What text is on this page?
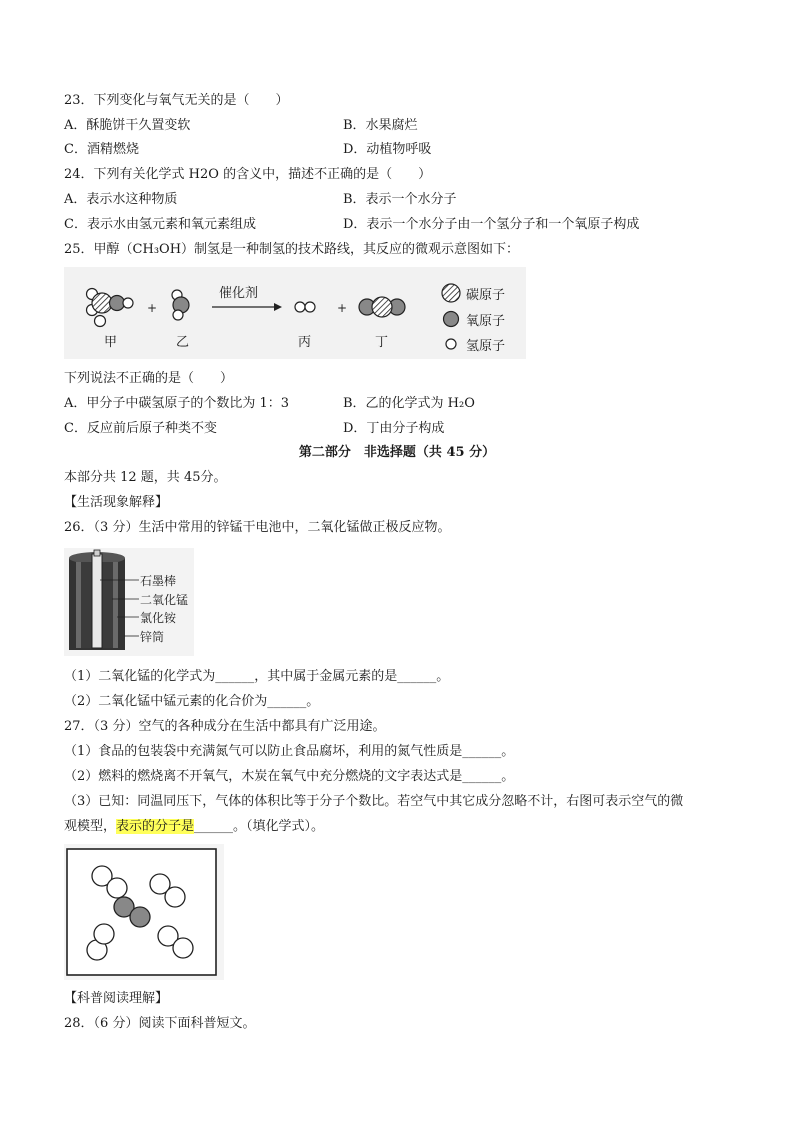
23．下列变化与氧气无关的是（　　）
A．酥脆饼干久置变软	B．水果腐烂
C．酒精燃烧	D．动植物呼吸
24．下列有关化学式 H2O 的含义中，描述不正确的是（　　）
A．表示水这种物质	B．表示一个水分子
C．表示水由氢元素和氧元素组成	D．表示一个水分子由一个氢分子和一个氧原子构成
25．甲醇（CH₃OH）制氢是一种制氢的技术路线，其反应的微观示意图如下：
+
催化剂
+
甲	乙	丙	丁
碳原子
氧原子
氢原子
下列说法不正确的是（　　）
A．甲分子中碳氢原子的个数比为 1：3	B．乙的化学式为 H₂O
C．反应前后原子种类不变	D．丁由分子构成
第二部分　非选择题（共 45 分）
本部分共 12 题，共 45分。
【生活现象解释】
26．（3 分）生活中常用的锌锰干电池中，二氧化锰做正极反应物。
石墨棒
二氧化锰
氯化铵
锌筒
（1）二氧化锰的化学式为______，其中属于金属元素的是______。
（2）二氧化锰中锰元素的化合价为______。
27．（3 分）空气的各种成分在生活中都具有广泛用途。
（1）食品的包装袋中充满氮气可以防止食品腐坏，利用的氮气性质是______。
（2）燃料的燃烧离不开氧气，木炭在氧气中充分燃烧的文字表达式是______。
（3）已知：同温同压下，气体的体积比等于分子个数比。若空气中其它成分忽略不计，右图可表示空气的微
观模型，表示的分子是______。（填化学式）。
【科普阅读理解】
28．（6 分）阅读下面科普短文。
